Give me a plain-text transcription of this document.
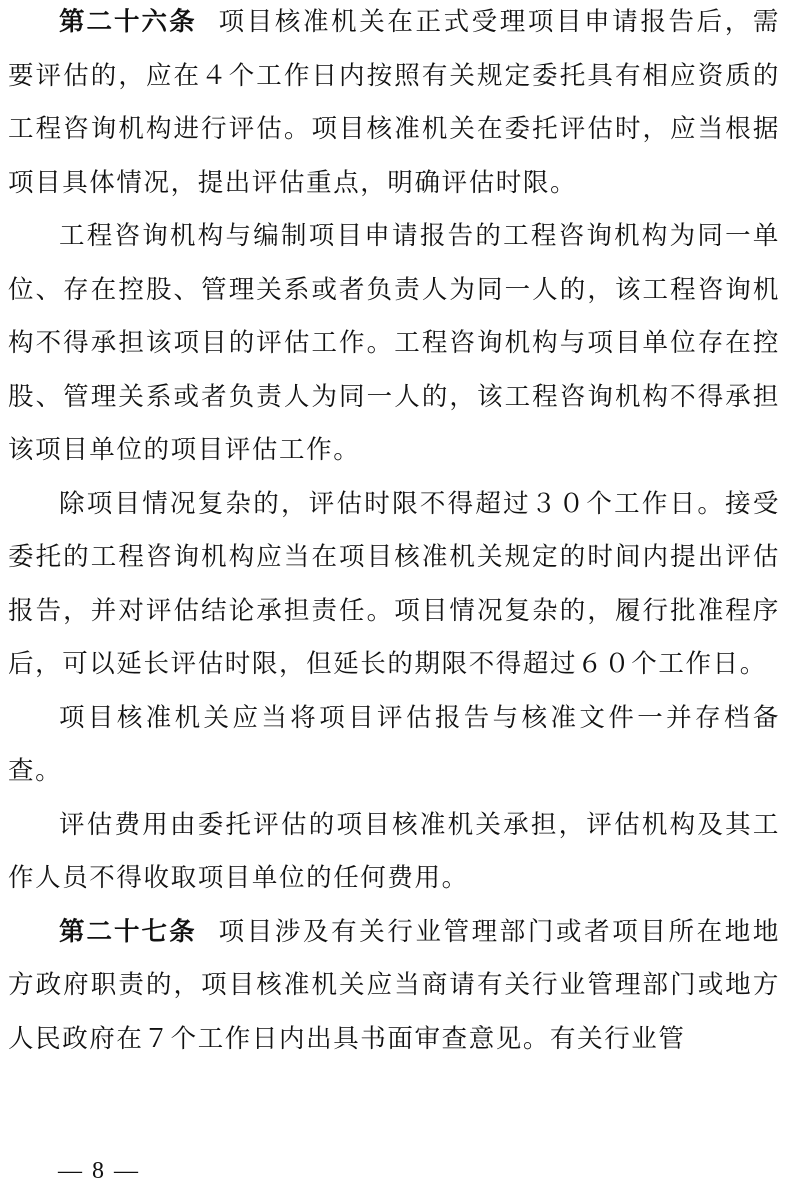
第二十六条 项目核准机关在正式受理项目申请报告后，需要评估的，应在４个工作日内按照有关规定委托具有相应资质的工程咨询机构进行评估。项目核准机关在委托评估时，应当根据项目具体情况，提出评估重点，明确评估时限。

工程咨询机构与编制项目申请报告的工程咨询机构为同一单位、存在控股、管理关系或者负责人为同一人的，该工程咨询机构不得承担该项目的评估工作。工程咨询机构与项目单位存在控股、管理关系或者负责人为同一人的，该工程咨询机构不得承担该项目单位的项目评估工作。

除项目情况复杂的，评估时限不得超过３０个工作日。接受委托的工程咨询机构应当在项目核准机关规定的时间内提出评估报告，并对评估结论承担责任。项目情况复杂的，履行批准程序后，可以延长评估时限，但延长的期限不得超过６０个工作日。

项目核准机关应当将项目评估报告与核准文件一并存档备查。

评估费用由委托评估的项目核准机关承担，评估机构及其工作人员不得收取项目单位的任何费用。

第二十七条 项目涉及有关行业管理部门或者项目所在地地方政府职责的，项目核准机关应当商请有关行业管理部门或地方人民政府在７个工作日内出具书面审查意见。有关行业管

— 8 —
